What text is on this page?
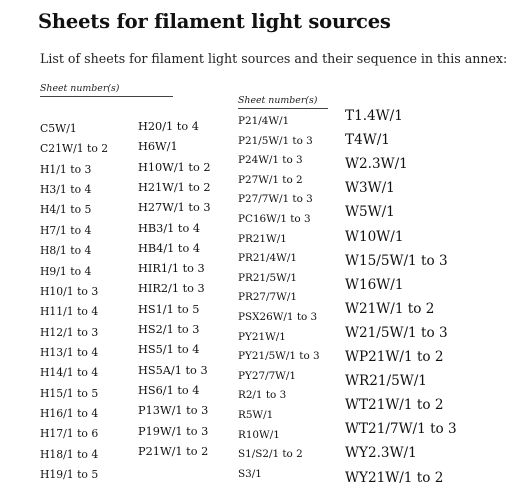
Sheets for filament light sources

List of sheets for filament light sources and their sequence in this annex:

Sheet number(s)
Sheet number(s)
C5W/1
C21W/1 to 2
H1/1 to 3
H3/1 to 4
H4/1 to 5
H7/1 to 4
H8/1 to 4
H9/1 to 4
H10/1 to 3
H11/1 to 4
H12/1 to 3
H13/1 to 4
H14/1 to 4
H15/1 to 5
H16/1 to 4
H17/1 to 6
H18/1 to 4
H19/1 to 5
H20/1 to 4
H6W/1
H10W/1 to 2
H21W/1 to 2
H27W/1 to 3
HB3/1 to 4
HB4/1 to 4
HIR1/1 to 3
HIR2/1 to 3
HS1/1 to 5
HS2/1 to 3
HS5/1 to 4
HS5A/1 to 3
HS6/1 to 4
P13W/1 to 3
P19W/1 to 3
P21W/1 to 2
P21/4W/1
P21/5W/1 to 3
P24W/1 to 3
P27W/1 to 2
P27/7W/1 to 3
PC16W/1 to 3
PR21W/1
PR21/4W/1
PR21/5W/1
PR27/7W/1
PSX26W/1 to 3
PY21W/1
PY21/5W/1 to 3
PY27/7W/1
R2/1 to 3
R5W/1
R10W/1
S1/S2/1 to 2
S3/1
T1.4W/1
T4W/1
W2.3W/1
W3W/1
W5W/1
W10W/1
W15/5W/1 to 3
W16W/1
W21W/1 to 2
W21/5W/1 to 3
WP21W/1 to 2
WR21/5W/1
WT21W/1 to 2
WT21/7W/1 to 3
WY2.3W/1
WY21W/1 to 2
